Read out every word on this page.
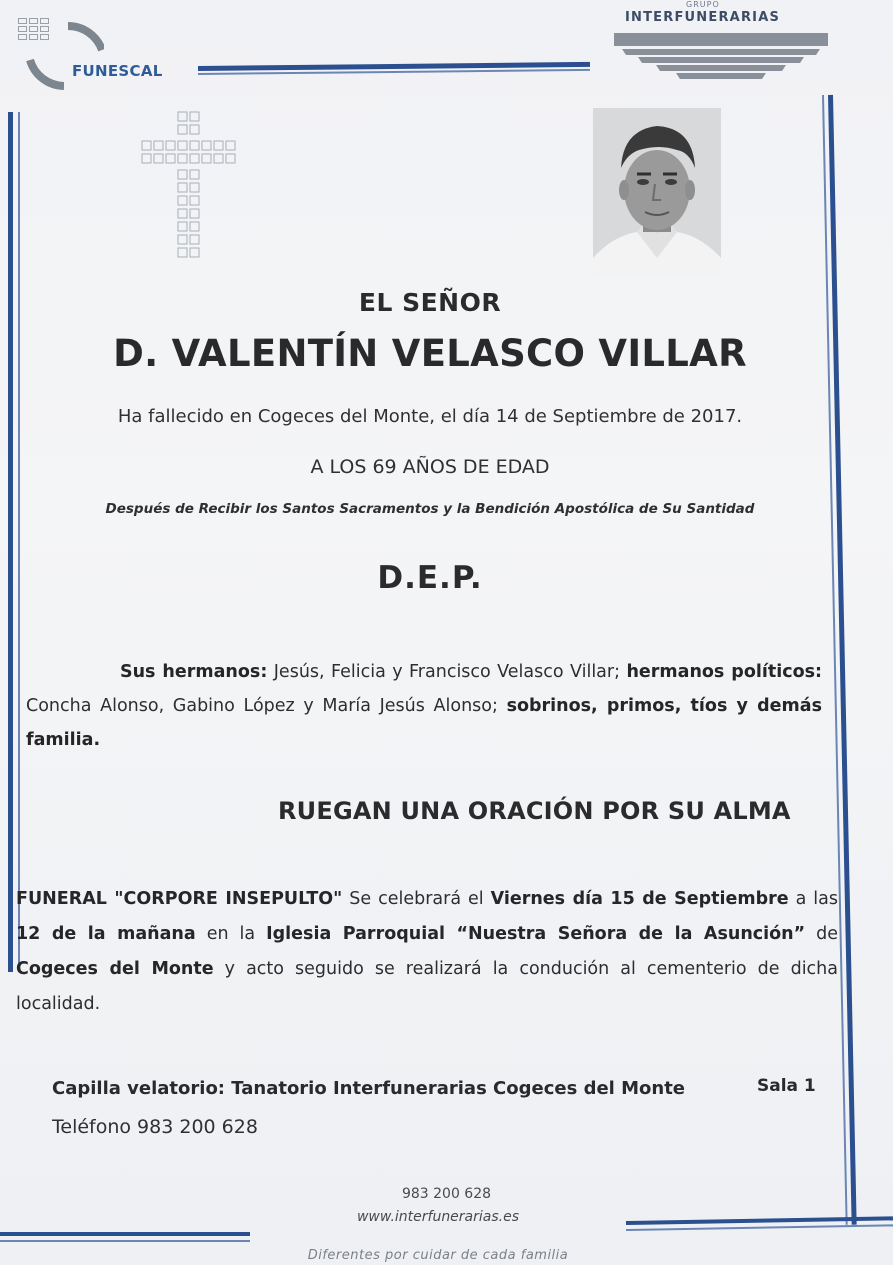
FUNESCAL
GRUPO
INTERFUNERARIAS
EL SEÑOR
D. VALENTÍN VELASCO VILLAR
Ha fallecido en Cogeces del Monte, el día 14 de Septiembre de 2017.
A LOS 69 AÑOS DE EDAD
Después de Recibir los Santos Sacramentos y la Bendición Apostólica de Su Santidad
D.E.P.
Sus hermanos: Jesús, Felicia y Francisco Velasco Villar; hermanos políticos: Concha Alonso, Gabino López y María Jesús Alonso; sobrinos, primos, tíos y demás familia.
RUEGAN UNA ORACIÓN POR SU ALMA
FUNERAL "CORPORE INSEPULTO" Se celebrará el Viernes día 15 de Septiembre a las 12 de la mañana en la Iglesia Parroquial “Nuestra Señora de la Asunción” de Cogeces del Monte y acto seguido se realizará la condución al cementerio de dicha localidad.
Capilla velatorio: Tanatorio Interfunerarias Cogeces del Monte	Sala 1
Teléfono 983 200 628
983 200 628
www.interfunerarias.es
Diferentes por cuidar de cada familia
